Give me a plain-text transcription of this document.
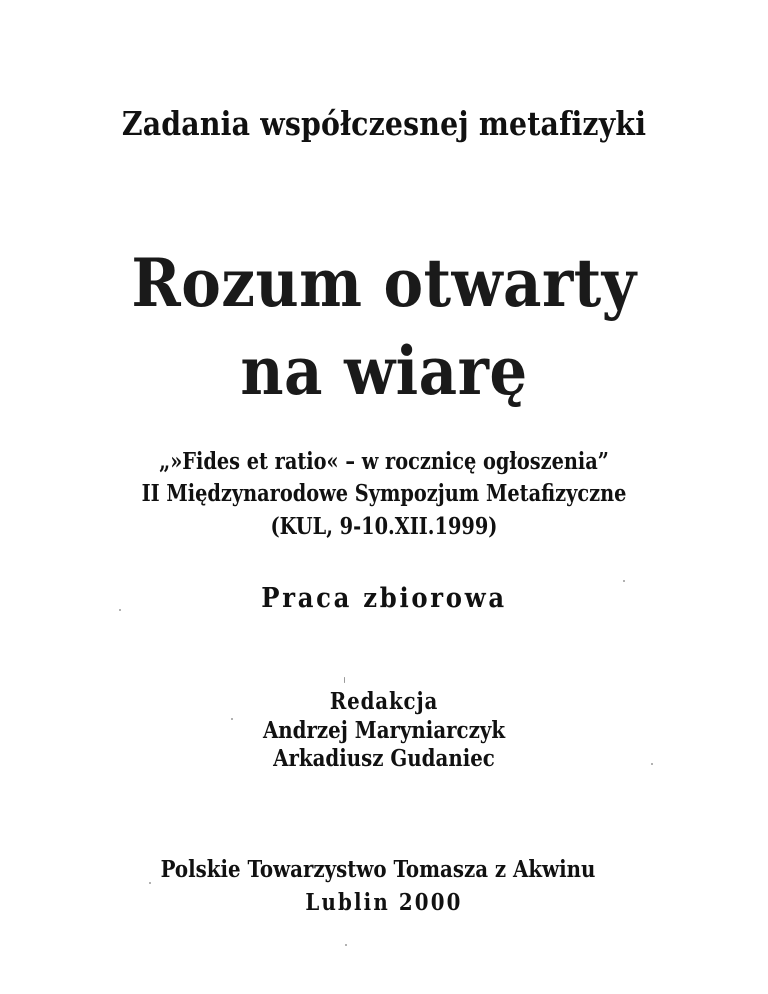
Zadania współczesnej metafizyki
Rozum otwarty
na wiarę
„»Fides et ratio« – w rocznicę ogłoszenia”
II Międzynarodowe Sympozjum Metafizyczne
(KUL, 9-10.XII.1999)
Praca zbiorowa
Redakcja
Andrzej Maryniarczyk
Arkadiusz Gudaniec
Polskie Towarzystwo Tomasza z Akwinu
Lublin 2000
